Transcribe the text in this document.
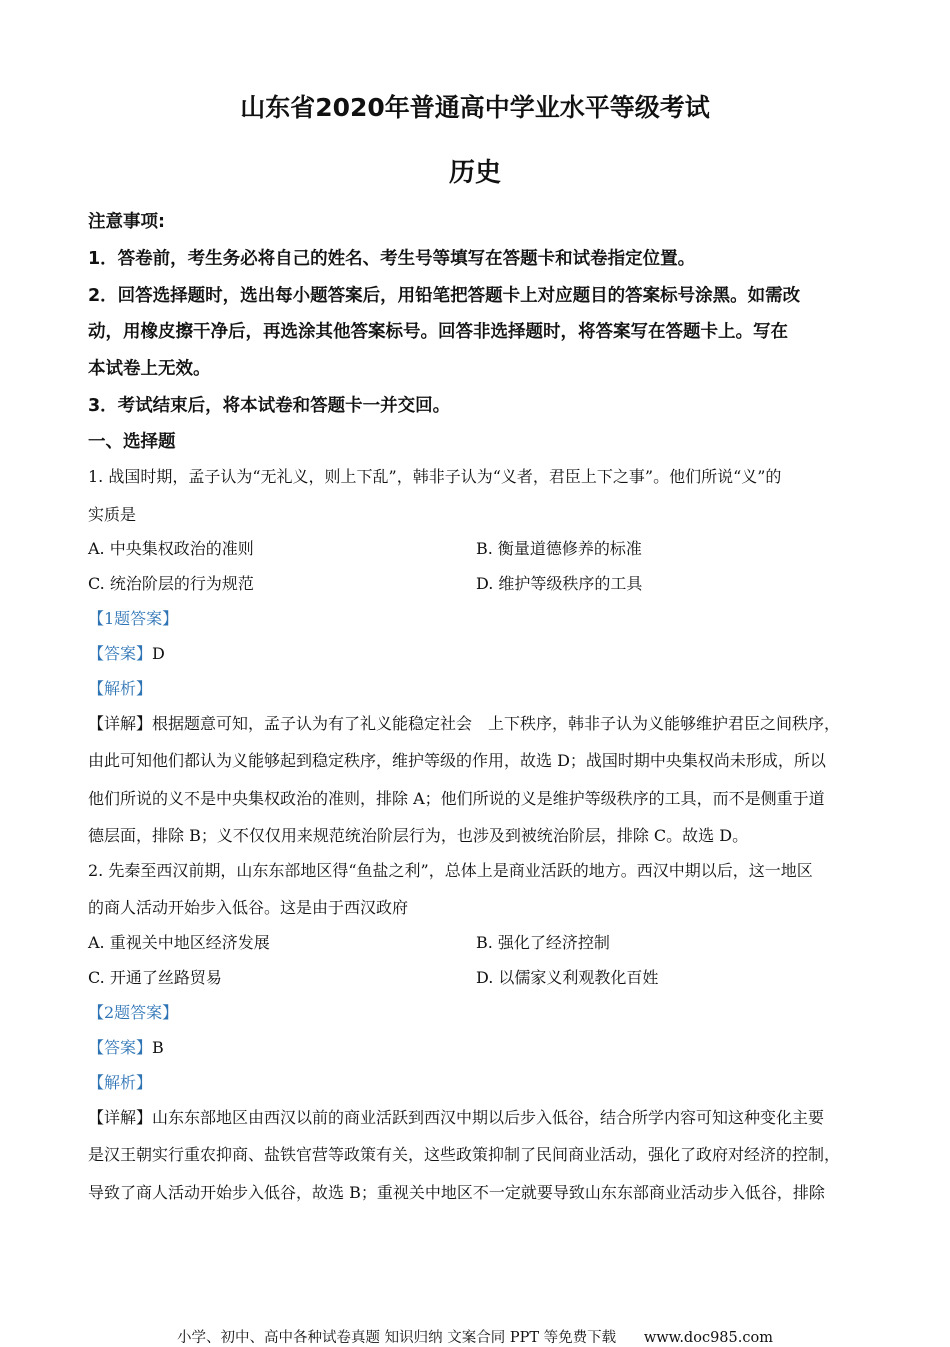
山东省2020年普通高中学业水平等级考试
历史
注意事项:
1．答卷前，考生务必将自己的姓名、考生号等填写在答题卡和试卷指定位置。
2．回答选择题时，选出每小题答案后，用铅笔把答题卡上对应题目的答案标号涂黑。如需改
动，用橡皮擦干净后，再选涂其他答案标号。回答非选择题时，将答案写在答题卡上。写在
本试卷上无效。
3．考试结束后，将本试卷和答题卡一并交回。
一、选择题
1. 战国时期，孟子认为“无礼义，则上下乱”，韩非子认为“义者，君臣上下之事”。他们所说“义”的
实质是
A. 中央集权政治的准则	B. 衡量道德修养的标准
C. 统治阶层的行为规范	D. 维护等级秩序的工具
【1题答案】
【答案】D
【解析】
【详解】根据题意可知，孟子认为有了礼义能稳定社会　上下秩序，韩非子认为义能够维护君臣之间秩序，
由此可知他们都认为义能够起到稳定秩序，维护等级的作用，故选 D；战国时期中央集权尚未形成，所以
他们所说的义不是中央集权政治的准则，排除 A；他们所说的义是维护等级秩序的工具，而不是侧重于道
德层面，排除 B；义不仅仅用来规范统治阶层行为，也涉及到被统治阶层，排除 C。故选 D。
2. 先秦至西汉前期，山东东部地区得“鱼盐之利”，总体上是商业活跃的地方。西汉中期以后，这一地区
的商人活动开始步入低谷。这是由于西汉政府
A. 重视关中地区经济发展	B. 强化了经济控制
C. 开通了丝路贸易	D. 以儒家义利观教化百姓
【2题答案】
【答案】B
【解析】
【详解】山东东部地区由西汉以前的商业活跃到西汉中期以后步入低谷，结合所学内容可知这种变化主要
是汉王朝实行重农抑商、盐铁官营等政策有关，这些政策抑制了民间商业活动，强化了政府对经济的控制，
导致了商人活动开始步入低谷，故选 B；重视关中地区不一定就要导致山东东部商业活动步入低谷，排除
小学、初中、高中各种试卷真题 知识归纳 文案合同 PPT 等免费下载 www.doc985.com
